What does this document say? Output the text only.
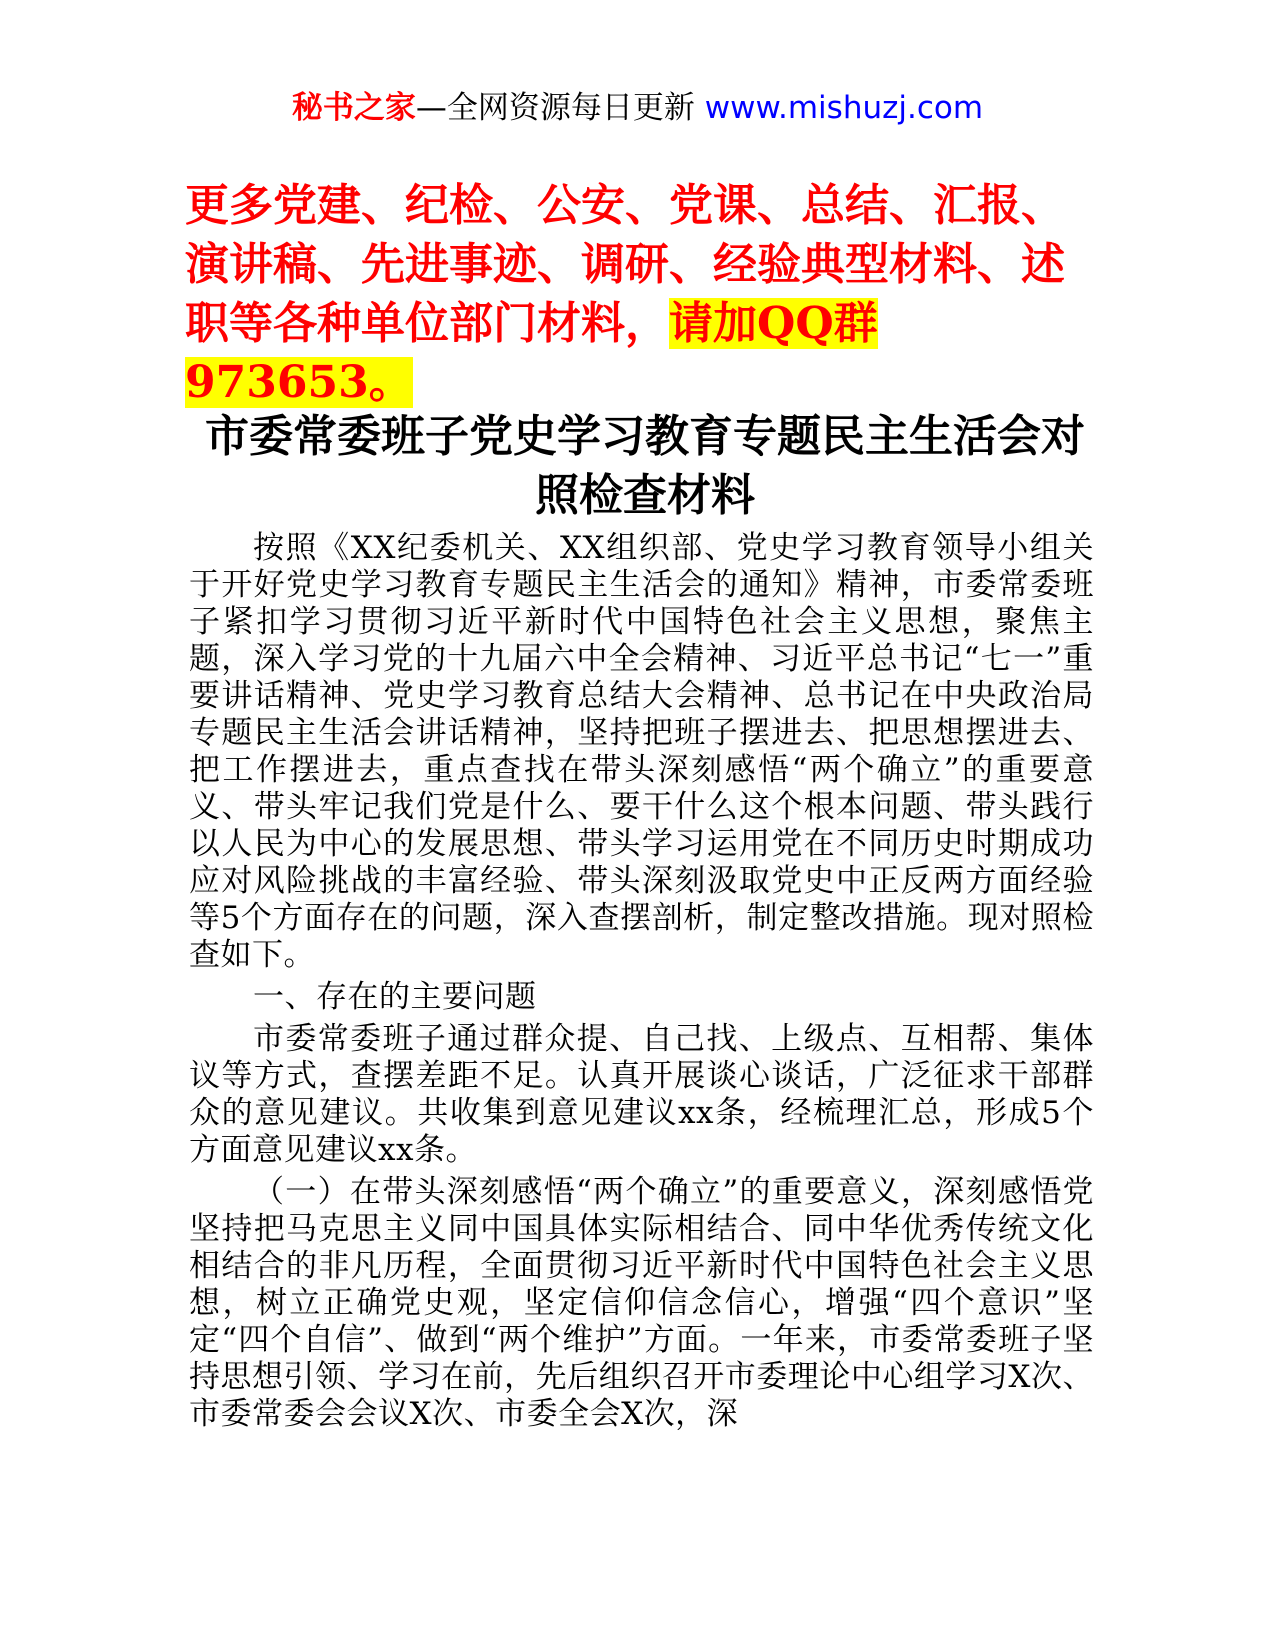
秘书之家—全网资源每日更新 www.mishuzj.com
更多党建、纪检、公安、党课、总结、汇报、演讲稿、先进事迹、调研、经验典型材料、述职等各种单位部门材料，请加QQ群973653。
市委常委班子党史学习教育专题民主生活会对照检查材料

按照《XX纪委机关、XX组织部、党史学习教育领导小组关于开好党史学习教育专题民主生活会的通知》精神，市委常委班子紧扣学习贯彻习近平新时代中国特色社会主义思想，聚焦主题，深入学习党的十九届六中全会精神、习近平总书记“七一”重要讲话精神、党史学习教育总结大会精神、总书记在中央政治局专题民主生活会讲话精神，坚持把班子摆进去、把思想摆进去、把工作摆进去，重点查找在带头深刻感悟“两个确立”的重要意义、带头牢记我们党是什么、要干什么这个根本问题、带头践行以人民为中心的发展思想、带头学习运用党在不同历史时期成功应对风险挑战的丰富经验、带头深刻汲取党史中正反两方面经验等5个方面存在的问题，深入查摆剖析，制定整改措施。现对照检查如下。

一、存在的主要问题

市委常委班子通过群众提、自己找、上级点、互相帮、集体议等方式，查摆差距不足。认真开展谈心谈话，广泛征求干部群众的意见建议。共收集到意见建议xx条，经梳理汇总，形成5个方面意见建议xx条。

（一）在带头深刻感悟“两个确立”的重要意义，深刻感悟党坚持把马克思主义同中国具体实际相结合、同中华优秀传统文化相结合的非凡历程，全面贯彻习近平新时代中国特色社会主义思想，树立正确党史观，坚定信仰信念信心，增强“四个意识”坚定“四个自信”、做到“两个维护”方面。一年来，市委常委班子坚持思想引领、学习在前，先后组织召开市委理论中心组学习X次、市委常委会会议X次、市委全会X次，深
